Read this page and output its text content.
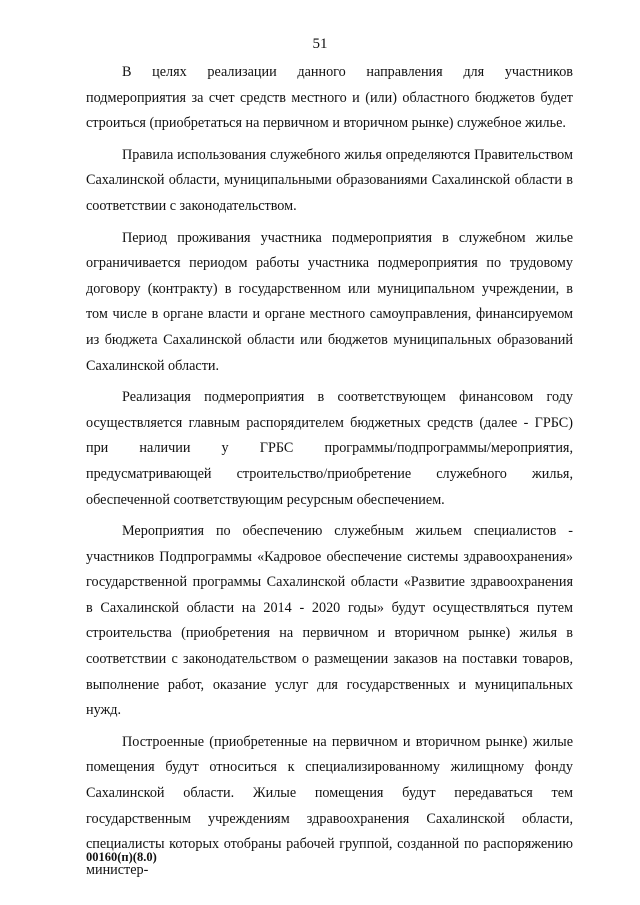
51

В целях реализации данного направления для участников подмероприятия за счет средств местного и (или) областного бюджетов будет строиться (приобретаться на первичном и вторичном рынке) служебное жилье.

Правила использования служебного жилья определяются Правительством Сахалинской области, муниципальными образованиями Сахалинской области в соответствии с законодательством.

Период проживания участника подмероприятия в служебном жилье ограничивается периодом работы участника подмероприятия по трудовому договору (контракту) в государственном или муниципальном учреждении, в том числе в органе власти и органе местного самоуправления, финансируемом из бюджета Сахалинской области или бюджетов муниципальных образований Сахалинской области.

Реализация подмероприятия в соответствующем финансовом году осуществляется главным распорядителем бюджетных средств (далее - ГРБС) при наличии у ГРБС программы/подпрограммы/мероприятия, предусматривающей строительство/приобретение служебного жилья, обеспеченной соответствующим ресурсным обеспечением.

Мероприятия по обеспечению служебным жильем специалистов - участников Подпрограммы «Кадровое обеспечение системы здравоохранения» государственной программы Сахалинской области «Развитие здравоохранения в Сахалинской области на 2014 - 2020 годы» будут осуществляться путем строительства (приобретения на первичном и вторичном рынке) жилья в соответствии с законодательством о размещении заказов на поставки товаров, выполнение работ, оказание услуг для государственных и муниципальных нужд.

Построенные (приобретенные на первичном и вторичном рынке) жилые помещения будут относиться к специализированному жилищному фонду Сахалинской области. Жилые помещения будут передаваться тем государственным учреждениям здравоохранения Сахалинской области, специалисты которых отобраны рабочей группой, созданной по распоряжению министер-

00160(п)(8.0)
